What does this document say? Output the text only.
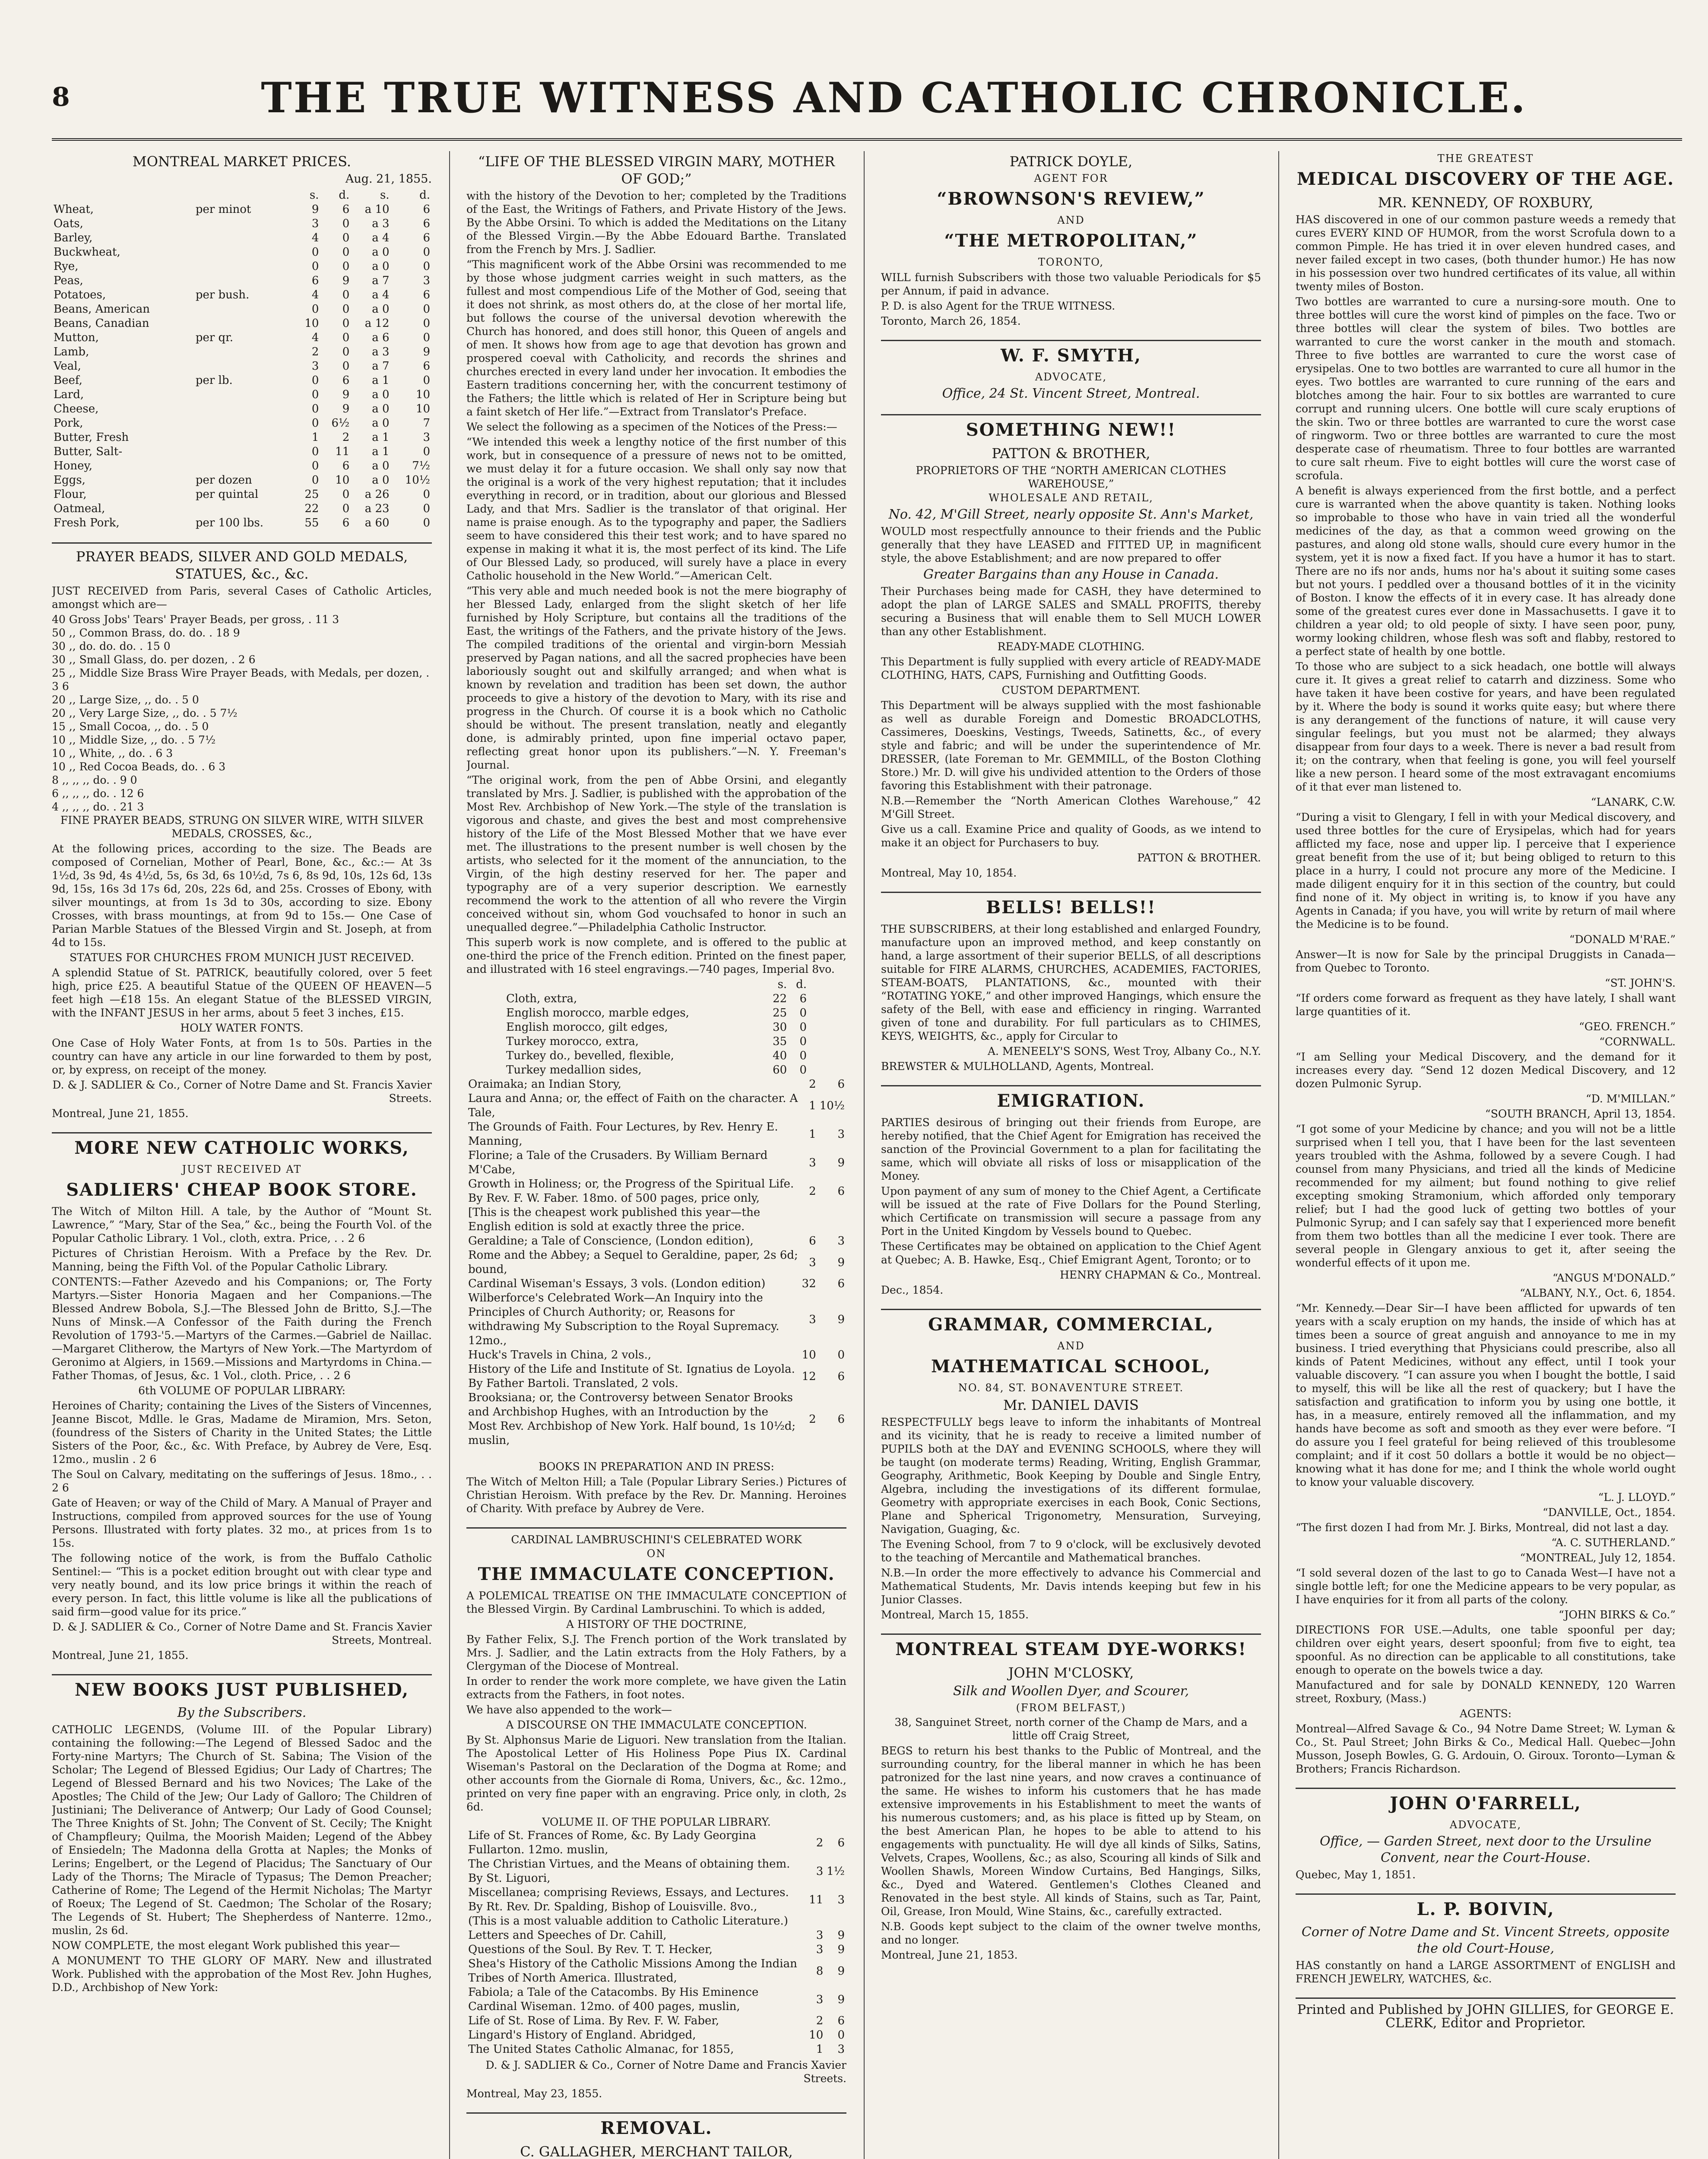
8	THE TRUE WITNESS AND CATHOLIC CHRONICLE.
MONTREAL MARKET PRICES.
Aug. 21, 1855.
		s.	d.	s.	d.
Wheat,	per minot	9	6	a 10	6
Oats,		3	0	a 3	6
Barley,		4	0	a 4	6
Buckwheat,		0	0	a 0	0
Rye,		0	0	a 0	0
Peas,		6	9	a 7	3
Potatoes,	per bush.	4	0	a 4	6
Beans, American		0	0	a 0	0
Beans, Canadian		10	0	a 12	0
Mutton,	per qr.	4	0	a 6	0
Lamb,		2	0	a 3	9
Veal,		3	0	a 7	6
Beef,	per lb.	0	6	a 1	0
Lard,		0	9	a 0	10
Cheese,		0	9	a 0	10
Pork,		0	6½	a 0	7
Butter, Fresh		1	2	a 1	3
Butter, Salt-		0	11	a 1	0
Honey,		0	6	a 0	7½
Eggs,	per dozen	0	10	a 0	10½
Flour,	per quintal	25	0	a 26	0
Oatmeal,		22	0	a 23	0
Fresh Pork,	per 100 lbs.	55	6	a 60	0
PRAYER BEADS, SILVER AND GOLD MEDALS, STATUES, &c., &c.
JUST RECEIVED from Paris, several Cases of Catholic Articles, amongst which are—
40 Gross Jobs' Tears' Prayer Beads, per gross, . 11 3
50 ,, Common Brass, do. do. . 18 9
30 ,, do. do. do. . 15 0
30 ,, Small Glass, do. per dozen, . 2 6
25 ,, Middle Size Brass Wire Prayer Beads, with Medals, per dozen, . 3 6
20 ,, Large Size, ,, do. . 5 0
20 ,, Very Large Size, ,, do. . 5 7½
15 ,, Small Cocoa, ,, do. . 5 0
10 ,, Middle Size, ,, do. . 5 7½
10 ,, White, ,, do. . 6 3
10 ,, Red Cocoa Beads, do. . 6 3
8 ,, ,, ,, do. . 9 0
6 ,, ,, ,, do. . 12 6
4 ,, ,, ,, do. . 21 3
FINE PRAYER BEADS, STRUNG ON SILVER WIRE, WITH SILVER MEDALS, CROSSES, &c.,
At the following prices, according to the size. The Beads are composed of Cornelian, Mother of Pearl, Bone, &c., &c.:— At 3s 1½d, 3s 9d, 4s 4½d, 5s, 6s 3d, 6s 10½d, 7s 6, 8s 9d, 10s, 12s 6d, 13s 9d, 15s, 16s 3d 17s 6d, 20s, 22s 6d, and 25s. Crosses of Ebony, with silver mountings, at from 1s 3d to 30s, according to size. Ebony Crosses, with brass mountings, at from 9d to 15s.— One Case of Parian Marble Statues of the Blessed Virgin and St. Joseph, at from 4d to 15s.
STATUES FOR CHURCHES FROM MUNICH JUST RECEIVED.
A splendid Statue of St. PATRICK, beautifully colored, over 5 feet high, price £25. A beautiful Statue of the QUEEN OF HEAVEN—5 feet high —£18 15s. An elegant Statue of the BLESSED VIRGIN, with the INFANT JESUS in her arms, about 5 feet 3 inches, £15.
HOLY WATER FONTS.
One Case of Holy Water Fonts, at from 1s to 50s. Parties in the country can have any article in our line forwarded to them by post, or, by express, on receipt of the money.
D. & J. SADLIER & Co., Corner of Notre Dame and St. Francis Xavier Streets.
Montreal, June 21, 1855.
MORE NEW CATHOLIC WORKS,
JUST RECEIVED AT
SADLIERS' CHEAP BOOK STORE.
The Witch of Milton Hill. A tale, by the Author of “Mount St. Lawrence,” “Mary, Star of the Sea,” &c., being the Fourth Vol. of the Popular Catholic Library. 1 Vol., cloth, extra. Price, . . 2 6
Pictures of Christian Heroism. With a Preface by the Rev. Dr. Manning, being the Fifth Vol. of the Popular Catholic Library.
CONTENTS:—Father Azevedo and his Companions; or, The Forty Martyrs.—Sister Honoria Magaen and her Companions.—The Blessed Andrew Bobola, S.J.—The Blessed John de Britto, S.J.—The Nuns of Minsk.—A Confessor of the Faith during the French Revolution of 1793-'5.—Martyrs of the Carmes.—Gabriel de Naillac.—Margaret Clitherow, the Martyrs of New York.—The Martyrdom of Geronimo at Algiers, in 1569.—Missions and Martyrdoms in China.—Father Thomas, of Jesus, &c. 1 Vol., cloth. Price, . . 2 6
6th VOLUME OF POPULAR LIBRARY:
Heroines of Charity; containing the Lives of the Sisters of Vincennes, Jeanne Biscot, Mdlle. le Gras, Madame de Miramion, Mrs. Seton, (foundress of the Sisters of Charity in the United States; the Little Sisters of the Poor, &c., &c. With Preface, by Aubrey de Vere, Esq. 12mo., muslin . 2 6
The Soul on Calvary, meditating on the sufferings of Jesus. 18mo., . . 2 6
Gate of Heaven; or way of the Child of Mary. A Manual of Prayer and Instructions, compiled from approved sources for the use of Young Persons. Illustrated with forty plates. 32 mo., at prices from 1s to 15s.
The following notice of the work, is from the Buffalo Catholic Sentinel:— “This is a pocket edition brought out with clear type and very neatly bound, and its low price brings it within the reach of every person. In fact, this little volume is like all the publications of said firm—good value for its price.”
D. & J. SADLIER & Co., Corner of Notre Dame and St. Francis Xavier Streets, Montreal.
Montreal, June 21, 1855.
NEW BOOKS JUST PUBLISHED,
By the Subscribers.
CATHOLIC LEGENDS, (Volume III. of the Popular Library) containing the following:—The Legend of Blessed Sadoc and the Forty-nine Martyrs; The Church of St. Sabina; The Vision of the Scholar; The Legend of Blessed Egidius; Our Lady of Chartres; The Legend of Blessed Bernard and his two Novices; The Lake of the Apostles; The Child of the Jew; Our Lady of Galloro; The Children of Justiniani; The Deliverance of Antwerp; Our Lady of Good Counsel; The Three Knights of St. John; The Convent of St. Cecily; The Knight of Champfleury; Quilma, the Moorish Maiden; Legend of the Abbey of Ensiedeln; The Madonna della Grotta at Naples; the Monks of Lerins; Engelbert, or the Legend of Placidus; The Sanctuary of Our Lady of the Thorns; The Miracle of Typasus; The Demon Preacher; Catherine of Rome; The Legend of the Hermit Nicholas; The Martyr of Roeux; The Legend of St. Caedmon; The Scholar of the Rosary; The Legends of St. Hubert; The Shepherdess of Nanterre. 12mo., muslin, 2s 6d.
NOW COMPLETE, the most elegant Work published this year—
A MONUMENT TO THE GLORY OF MARY. New and illustrated Work. Published with the approbation of the Most Rev. John Hughes, D.D., Archbishop of New York:
“LIFE OF THE BLESSED VIRGIN MARY, MOTHER OF GOD;”
with the history of the Devotion to her; completed by the Traditions of the East, the Writings of Fathers, and Private History of the Jews. By the Abbe Orsini. To which is added the Meditations on the Litany of the Blessed Virgin.—By the Abbe Edouard Barthe. Translated from the French by Mrs. J. Sadlier.
“This magnificent work of the Abbe Orsini was recommended to me by those whose judgment carries weight in such matters, as the fullest and most compendious Life of the Mother of God, seeing that it does not shrink, as most others do, at the close of her mortal life, but follows the course of the universal devotion wherewith the Church has honored, and does still honor, this Queen of angels and of men. It shows how from age to age that devotion has grown and prospered coeval with Catholicity, and records the shrines and churches erected in every land under her invocation. It embodies the Eastern traditions concerning her, with the concurrent testimony of the Fathers; the little which is related of Her in Scripture being but a faint sketch of Her life.”—Extract from Translator's Preface.
We select the following as a specimen of the Notices of the Press:—
“We intended this week a lengthy notice of the first number of this work, but in consequence of a pressure of news not to be omitted, we must delay it for a future occasion. We shall only say now that the original is a work of the very highest reputation; that it includes everything in record, or in tradition, about our glorious and Blessed Lady, and that Mrs. Sadlier is the translator of that original. Her name is praise enough. As to the typography and paper, the Sadliers seem to have considered this their test work; and to have spared no expense in making it what it is, the most perfect of its kind. The Life of Our Blessed Lady, so produced, will surely have a place in every Catholic household in the New World.”—American Celt.
“This very able and much needed book is not the mere biography of her Blessed Lady, enlarged from the slight sketch of her life furnished by Holy Scripture, but contains all the traditions of the East, the writings of the Fathers, and the private history of the Jews. The compiled traditions of the oriental and virgin-born Messiah preserved by Pagan nations, and all the sacred prophecies have been laboriously sought out and skilfully arranged; and when what is known by revelation and tradition has been set down, the author proceeds to give a history of the devotion to Mary, with its rise and progress in the Church. Of course it is a book which no Catholic should be without. The present translation, neatly and elegantly done, is admirably printed, upon fine imperial octavo paper, reflecting great honor upon its publishers.”—N. Y. Freeman's Journal.
“The original work, from the pen of Abbe Orsini, and elegantly translated by Mrs. J. Sadlier, is published with the approbation of the Most Rev. Archbishop of New York.—The style of the translation is vigorous and chaste, and gives the best and most comprehensive history of the Life of the Most Blessed Mother that we have ever met. The illustrations to the present number is well chosen by the artists, who selected for it the moment of the annunciation, to the Virgin, of the high destiny reserved for her. The paper and typography are of a very superior description. We earnestly recommend the work to the attention of all who revere the Virgin conceived without sin, whom God vouchsafed to honor in such an unequalled degree.”—Philadelphia Catholic Instructor.
This superb work is now complete, and is offered to the public at one-third the price of the French edition. Printed on the finest paper, and illustrated with 16 steel engravings.—740 pages, Imperial 8vo.
	s.	d.
Cloth, extra,	22	6
English morocco, marble edges,	25	0
English morocco, gilt edges,	30	0
Turkey morocco, extra,	35	0
Turkey do., bevelled, flexible,	40	0
Turkey medallion sides,	60	0
Oraimaka; an Indian Story,	2	6
Laura and Anna; or, the effect of Faith on the character. A Tale,	1	10½
The Grounds of Faith. Four Lectures, by Rev. Henry E. Manning,	1	3
Florine; a Tale of the Crusaders. By William Bernard M'Cabe,	3	9
Growth in Holiness; or, the Progress of the Spiritual Life. By Rev. F. W. Faber. 18mo. of 500 pages, price only,	2	6
[This is the cheapest work published this year—the English edition is sold at exactly three the price.		
Geraldine; a Tale of Conscience, (London edition),	6	3
Rome and the Abbey; a Sequel to Geraldine, paper, 2s 6d; bound,	3	9
Cardinal Wiseman's Essays, 3 vols. (London edition)	32	6
Wilberforce's Celebrated Work—An Inquiry into the Principles of Church Authority; or, Reasons for withdrawing My Subscription to the Royal Supremacy. 12mo.,	3	9
Huck's Travels in China, 2 vols.,	10	0
History of the Life and Institute of St. Ignatius de Loyola. By Father Bartoli. Translated, 2 vols.	12	6
Brooksiana; or, the Controversy between Senator Brooks and Archbishop Hughes, with an Introduction by the Most Rev. Archbishop of New York. Half bound, 1s 10½d; muslin,	2	6
BOOKS IN PREPARATION AND IN PRESS:
The Witch of Melton Hill; a Tale (Popular Library Series.) Pictures of Christian Heroism. With preface by the Rev. Dr. Manning. Heroines of Charity. With preface by Aubrey de Vere.
CARDINAL LAMBRUSCHINI'S CELEBRATED WORK
ON
THE IMMACULATE CONCEPTION.
A POLEMICAL TREATISE ON THE IMMACULATE CONCEPTION of the Blessed Virgin. By Cardinal Lambruschini. To which is added,
A HISTORY OF THE DOCTRINE,
By Father Felix, S.J. The French portion of the Work translated by Mrs. J. Sadlier, and the Latin extracts from the Holy Fathers, by a Clergyman of the Diocese of Montreal.
In order to render the work more complete, we have given the Latin extracts from the Fathers, in foot notes.
We have also appended to the work—
A DISCOURSE ON THE IMMACULATE CONCEPTION.
By St. Alphonsus Marie de Liguori. New translation from the Italian. The Apostolical Letter of His Holiness Pope Pius IX. Cardinal Wiseman's Pastoral on the Declaration of the Dogma at Rome; and other accounts from the Giornale di Roma, Univers, &c., &c. 12mo., printed on very fine paper with an engraving. Price only, in cloth, 2s 6d.
VOLUME II. OF THE POPULAR LIBRARY.
Life of St. Frances of Rome, &c. By Lady Georgina Fullarton. 12mo. muslin,	2	6
The Christian Virtues, and the Means of obtaining them. By St. Liguori,	3	1½
Miscellanea; comprising Reviews, Essays, and Lectures. By Rt. Rev. Dr. Spalding, Bishop of Louisville. 8vo.,	11	3
(This is a most valuable addition to Catholic Literature.)		
Letters and Speeches of Dr. Cahill,	3	9
Questions of the Soul. By Rev. T. T. Hecker,	3	9
Shea's History of the Catholic Missions Among the Indian Tribes of North America. Illustrated,	8	9
Fabiola; a Tale of the Catacombs. By His Eminence Cardinal Wiseman. 12mo. of 400 pages, muslin,	3	9
Life of St. Rose of Lima. By Rev. F. W. Faber,	2	6
Lingard's History of England. Abridged,	10	0
The United States Catholic Almanac, for 1855,	1	3
D. & J. SADLIER & Co., Corner of Notre Dame and Francis Xavier Streets.
Montreal, May 23, 1855.
REMOVAL.
C. GALLAGHER, MERCHANT TAILOR,
PATRICK DOYLE,
AGENT FOR
“BROWNSON'S REVIEW,”
AND
“THE METROPOLITAN,”
TORONTO,
WILL furnish Subscribers with those two valuable Periodicals for $5 per Annum, if paid in advance.
P. D. is also Agent for the TRUE WITNESS.
Toronto, March 26, 1854.
W. F. SMYTH,
ADVOCATE,
Office, 24 St. Vincent Street, Montreal.
SOMETHING NEW!!
PATTON & BROTHER,
PROPRIETORS OF THE “NORTH AMERICAN CLOTHES WAREHOUSE,”
WHOLESALE AND RETAIL,
No. 42, M'Gill Street, nearly opposite St. Ann's Market,
WOULD most respectfully announce to their friends and the Public generally that they have LEASED and FITTED UP, in magnificent style, the above Establishment; and are now prepared to offer
Greater Bargains than any House in Canada.
Their Purchases being made for CASH, they have determined to adopt the plan of LARGE SALES and SMALL PROFITS, thereby securing a Business that will enable them to Sell MUCH LOWER than any other Establishment.
READY-MADE CLOTHING.
This Department is fully supplied with every article of READY-MADE CLOTHING, HATS, CAPS, Furnishing and Outfitting Goods.
CUSTOM DEPARTMENT.
This Department will be always supplied with the most fashionable as well as durable Foreign and Domestic BROADCLOTHS, Cassimeres, Doeskins, Vestings, Tweeds, Satinetts, &c., of every style and fabric; and will be under the superintendence of Mr. DRESSER, (late Foreman to Mr. GEMMILL, of the Boston Clothing Store.) Mr. D. will give his undivided attention to the Orders of those favoring this Establishment with their patronage.
N.B.—Remember the “North American Clothes Warehouse,” 42 M'Gill Street.
Give us a call. Examine Price and quality of Goods, as we intend to make it an object for Purchasers to buy.
PATTON & BROTHER.
Montreal, May 10, 1854.
BELLS! BELLS!!
THE SUBSCRIBERS, at their long established and enlarged Foundry, manufacture upon an improved method, and keep constantly on hand, a large assortment of their superior BELLS, of all descriptions suitable for FIRE ALARMS, CHURCHES, ACADEMIES, FACTORIES, STEAM-BOATS, PLANTATIONS, &c., mounted with their “ROTATING YOKE,” and other improved Hangings, which ensure the safety of the Bell, with ease and efficiency in ringing. Warranted given of tone and durability. For full particulars as to CHIMES, KEYS, WEIGHTS, &c., apply for Circular to
A. MENEELY'S SONS, West Troy, Albany Co., N.Y.
BREWSTER & MULHOLLAND, Agents, Montreal.
EMIGRATION.
PARTIES desirous of bringing out their friends from Europe, are hereby notified, that the Chief Agent for Emigration has received the sanction of the Provincial Government to a plan for facilitating the same, which will obviate all risks of loss or misapplication of the Money.
Upon payment of any sum of money to the Chief Agent, a Certificate will be issued at the rate of Five Dollars for the Pound Sterling, which Certificate on transmission will secure a passage from any Port in the United Kingdom by Vessels bound to Quebec.
These Certificates may be obtained on application to the Chief Agent at Quebec; A. B. Hawke, Esq., Chief Emigrant Agent, Toronto; or to
HENRY CHAPMAN & Co., Montreal.
Dec., 1854.
GRAMMAR, COMMERCIAL,
AND
MATHEMATICAL SCHOOL,
NO. 84, ST. BONAVENTURE STREET.
Mr. DANIEL DAVIS
RESPECTFULLY begs leave to inform the inhabitants of Montreal and its vicinity, that he is ready to receive a limited number of PUPILS both at the DAY and EVENING SCHOOLS, where they will be taught (on moderate terms) Reading, Writing, English Grammar, Geography, Arithmetic, Book Keeping by Double and Single Entry, Algebra, including the investigations of its different formulae, Geometry with appropriate exercises in each Book, Conic Sections, Plane and Spherical Trigonometry, Mensuration, Surveying, Navigation, Guaging, &c.
The Evening School, from 7 to 9 o'clock, will be exclusively devoted to the teaching of Mercantile and Mathematical branches.
N.B.—In order the more effectively to advance his Commercial and Mathematical Students, Mr. Davis intends keeping but few in his Junior Classes.
Montreal, March 15, 1855.
MONTREAL STEAM DYE-WORKS!
JOHN M'CLOSKY,
Silk and Woollen Dyer, and Scourer,
(FROM BELFAST,)
38, Sanguinet Street, north corner of the Champ de Mars, and a little off Craig Street,
BEGS to return his best thanks to the Public of Montreal, and the surrounding country, for the liberal manner in which he has been patronized for the last nine years, and now craves a continuance of the same. He wishes to inform his customers that he has made extensive improvements in his Establishment to meet the wants of his numerous customers; and, as his place is fitted up by Steam, on the best American Plan, he hopes to be able to attend to his engagements with punctuality. He will dye all kinds of Silks, Satins, Velvets, Crapes, Woollens, &c.; as also, Scouring all kinds of Silk and Woollen Shawls, Moreen Window Curtains, Bed Hangings, Silks, &c., Dyed and Watered. Gentlemen's Clothes Cleaned and Renovated in the best style. All kinds of Stains, such as Tar, Paint, Oil, Grease, Iron Mould, Wine Stains, &c., carefully extracted.
N.B. Goods kept subject to the claim of the owner twelve months, and no longer.
Montreal, June 21, 1853.
THE GREATEST
MEDICAL DISCOVERY OF THE AGE.
MR. KENNEDY, OF ROXBURY,
HAS discovered in one of our common pasture weeds a remedy that cures EVERY KIND OF HUMOR, from the worst Scrofula down to a common Pimple. He has tried it in over eleven hundred cases, and never failed except in two cases, (both thunder humor.) He has now in his possession over two hundred certificates of its value, all within twenty miles of Boston.
Two bottles are warranted to cure a nursing-sore mouth. One to three bottles will cure the worst kind of pimples on the face. Two or three bottles will clear the system of biles. Two bottles are warranted to cure the worst canker in the mouth and stomach. Three to five bottles are warranted to cure the worst case of erysipelas. One to two bottles are warranted to cure all humor in the eyes. Two bottles are warranted to cure running of the ears and blotches among the hair. Four to six bottles are warranted to cure corrupt and running ulcers. One bottle will cure scaly eruptions of the skin. Two or three bottles are warranted to cure the worst case of ringworm. Two or three bottles are warranted to cure the most desperate case of rheumatism. Three to four bottles are warranted to cure salt rheum. Five to eight bottles will cure the worst case of scrofula.
A benefit is always experienced from the first bottle, and a perfect cure is warranted when the above quantity is taken. Nothing looks so improbable to those who have in vain tried all the wonderful medicines of the day, as that a common weed growing on the pastures, and along old stone walls, should cure every humor in the system, yet it is now a fixed fact. If you have a humor it has to start. There are no ifs nor ands, hums nor ha's about it suiting some cases but not yours. I peddled over a thousand bottles of it in the vicinity of Boston. I know the effects of it in every case. It has already done some of the greatest cures ever done in Massachusetts. I gave it to children a year old; to old people of sixty. I have seen poor, puny, wormy looking children, whose flesh was soft and flabby, restored to a perfect state of health by one bottle.
To those who are subject to a sick headach, one bottle will always cure it. It gives a great relief to catarrh and dizziness. Some who have taken it have been costive for years, and have been regulated by it. Where the body is sound it works quite easy; but where there is any derangement of the functions of nature, it will cause very singular feelings, but you must not be alarmed; they always disappear from four days to a week. There is never a bad result from it; on the contrary, when that feeling is gone, you will feel yourself like a new person. I heard some of the most extravagant encomiums of it that ever man listened to.
“LANARK, C.W.
“During a visit to Glengary, I fell in with your Medical discovery, and used three bottles for the cure of Erysipelas, which had for years afflicted my face, nose and upper lip. I perceive that I experience great benefit from the use of it; but being obliged to return to this place in a hurry, I could not procure any more of the Medicine. I made diligent enquiry for it in this section of the country, but could find none of it. My object in writing is, to know if you have any Agents in Canada; if you have, you will write by return of mail where the Medicine is to be found.
“DONALD M'RAE.”
Answer—It is now for Sale by the principal Druggists in Canada—from Quebec to Toronto.
“ST. JOHN'S.
“If orders come forward as frequent as they have lately, I shall want large quantities of it.
“GEO. FRENCH.”
“CORNWALL.
“I am Selling your Medical Discovery, and the demand for it increases every day. “Send 12 dozen Medical Discovery, and 12 dozen Pulmonic Syrup.
“D. M'MILLAN.”
“SOUTH BRANCH, April 13, 1854.
“I got some of your Medicine by chance; and you will not be a little surprised when I tell you, that I have been for the last seventeen years troubled with the Ashma, followed by a severe Cough. I had counsel from many Physicians, and tried all the kinds of Medicine recommended for my ailment; but found nothing to give relief excepting smoking Stramonium, which afforded only temporary relief; but I had the good luck of getting two bottles of your Pulmonic Syrup; and I can safely say that I experienced more benefit from them two bottles than all the medicine I ever took. There are several people in Glengary anxious to get it, after seeing the wonderful effects of it upon me.
“ANGUS M'DONALD.”
“ALBANY, N.Y., Oct. 6, 1854.
“Mr. Kennedy.—Dear Sir—I have been afflicted for upwards of ten years with a scaly eruption on my hands, the inside of which has at times been a source of great anguish and annoyance to me in my business. I tried everything that Physicians could prescribe, also all kinds of Patent Medicines, without any effect, until I took your valuable discovery. “I can assure you when I bought the bottle, I said to myself, this will be like all the rest of quackery; but I have the satisfaction and gratification to inform you by using one bottle, it has, in a measure, entirely removed all the inflammation, and my hands have become as soft and smooth as they ever were before. “I do assure you I feel grateful for being relieved of this troublesome complaint; and if it cost 50 dollars a bottle it would be no object—knowing what it has done for me; and I think the whole world ought to know your valuable discovery.
“L. J. LLOYD.”
“DANVILLE, Oct., 1854.
“The first dozen I had from Mr. J. Birks, Montreal, did not last a day.
“A. C. SUTHERLAND.”
“MONTREAL, July 12, 1854.
“I sold several dozen of the last to go to Canada West—I have not a single bottle left; for one the Medicine appears to be very popular, as I have enquiries for it from all parts of the colony.
“JOHN BIRKS & Co.”
DIRECTIONS FOR USE.—Adults, one table spoonful per day; children over eight years, desert spoonful; from five to eight, tea spoonful. As no direction can be applicable to all constitutions, take enough to operate on the bowels twice a day.
Manufactured and for sale by DONALD KENNEDY, 120 Warren street, Roxbury, (Mass.)
AGENTS:
Montreal—Alfred Savage & Co., 94 Notre Dame Street; W. Lyman & Co., St. Paul Street; John Birks & Co., Medical Hall. Quebec—John Musson, Joseph Bowles, G. G. Ardouin, O. Giroux. Toronto—Lyman & Brothers; Francis Richardson.
JOHN O'FARRELL,
ADVOCATE,
Office, — Garden Street, next door to the Ursuline Convent, near the Court-House.
Quebec, May 1, 1851.
L. P. BOIVIN,
Corner of Notre Dame and St. Vincent Streets, opposite the old Court-House,
HAS constantly on hand a LARGE ASSORTMENT of ENGLISH and FRENCH JEWELRY, WATCHES, &c.
Printed and Published by JOHN GILLIES, for GEORGE E. CLERK, Editor and Proprietor.
